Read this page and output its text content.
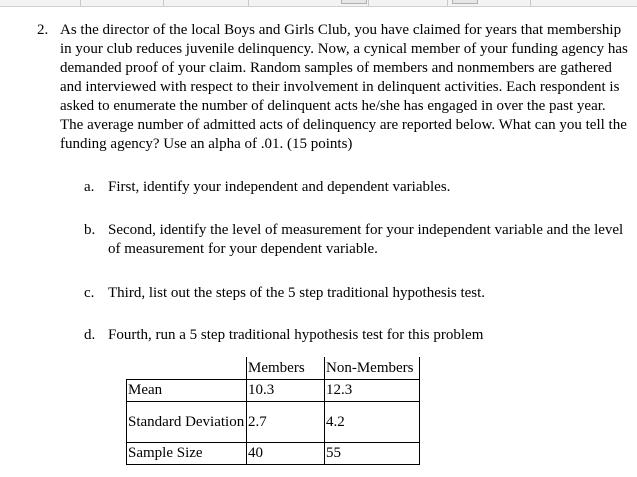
2. As the director of the local Boys and Girls Club, you have claimed for years that membership in your club reduces juvenile delinquency. Now, a cynical member of your funding agency has demanded proof of your claim. Random samples of members and nonmembers are gathered and interviewed with respect to their involvement in delinquent activities. Each respondent is asked to enumerate the number of delinquent acts he/she has engaged in over the past year. The average number of admitted acts of delinquency are reported below. What can you tell the funding agency? Use an alpha of .01. (15 points)

a. First, identify your independent and dependent variables.
b. Second, identify the level of measurement for your independent variable and the level of measurement for your dependent variable.
c. Third, list out the steps of the 5 step traditional hypothesis test.
d. Fourth, run a 5 step traditional hypothesis test for this problem
	Members	Non-Members
Mean	10.3	12.3
Standard Deviation	2.7	4.2
Sample Size	40	55
